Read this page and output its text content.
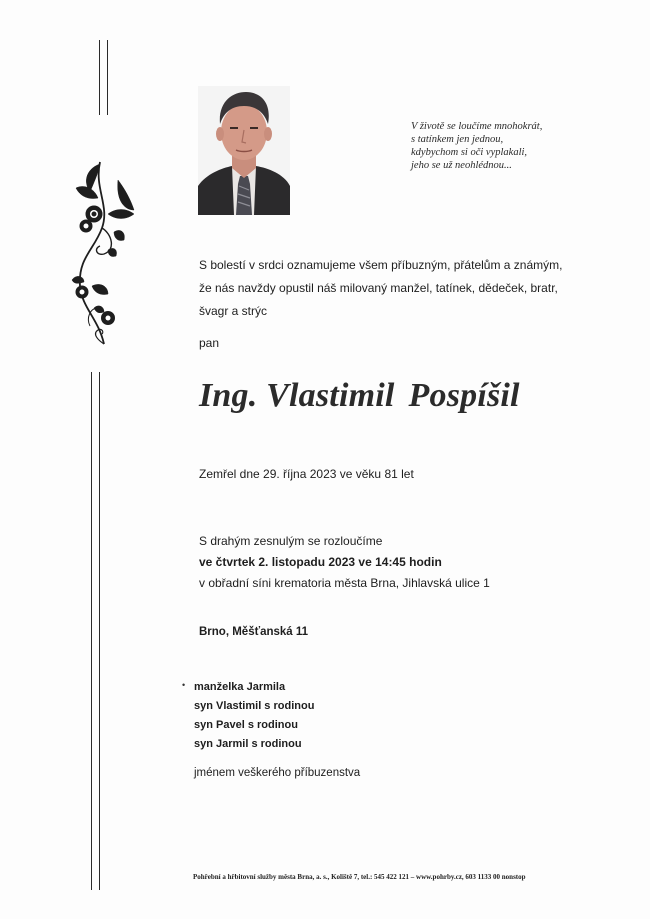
V životě se loučíme mnohokrát,
s tatínkem jen jednou,
kdybychom si oči vyplakali,
jeho se už neohlédnou...
S bolestí v srdci oznamujeme všem příbuzným, přátelům a známým,
že nás navždy opustil náš milovaný manžel, tatínek, dědeček, bratr,
švagr a strýc
pan
Ing. Vlastimil Pospíšil
Zemřel dne 29. října 2023 ve věku 81 let
S drahým zesnulým se rozloučíme
ve čtvrtek 2. listopadu 2023 ve 14:45 hodin
v obřadní síni krematoria města Brna, Jihlavská ulice 1
Brno, Měšťanská 11
• manželka Jarmila
syn Vlastimil s rodinou
syn Pavel s rodinou
syn Jarmil s rodinou
jménem veškerého příbuzenstva
Pohřební a hřbitovní služby města Brna, a. s., Kolištĕ 7, tel.: 545 422 121 – www.pohrby.cz, 603 1133 00 nonstop
